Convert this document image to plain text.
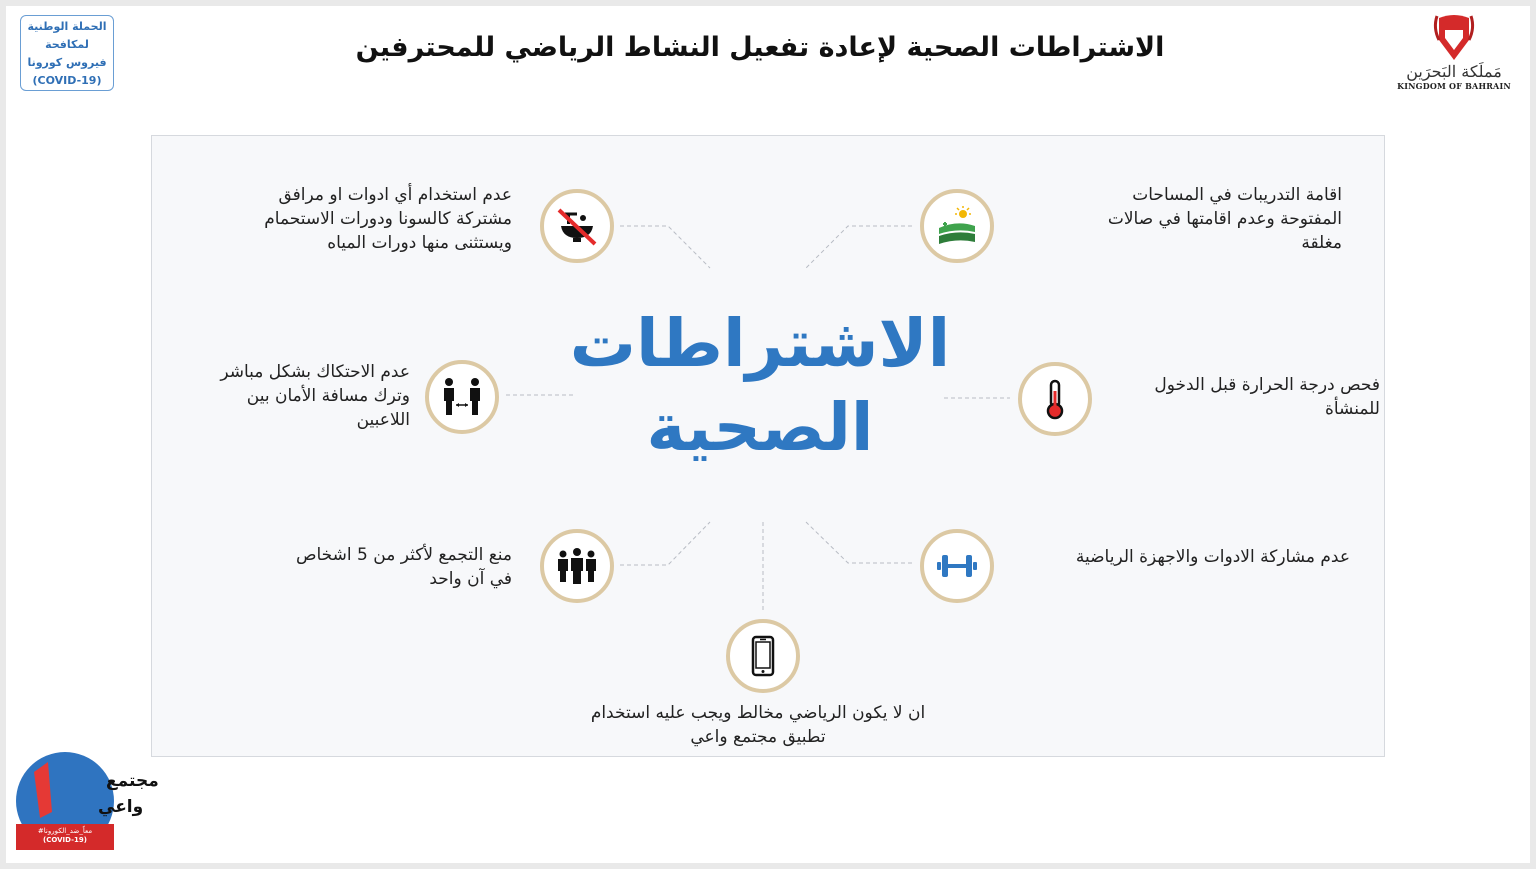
الحملة الوطنية
لمكافحة
فيروس كورونا
(COVID-19)
الاشتراطات الصحية لإعادة تفعيل النشاط الرياضي للمحترفين
مَملَكة البَحرَين
KINGDOM OF BAHRAIN
الاشتراطات
الصحية
عدم استخدام أي ادوات او مرافق
مشتركة كالسونا ودورات الاستحمام
ويستثنى منها دورات المياه
اقامة التدريبات في المساحات
المفتوحة وعدم اقامتها في صالات
مغلقة
عدم الاحتكاك بشكل مباشر
وترك مسافة الأمان بين
اللاعبين
فحص درجة الحرارة قبل الدخول
للمنشأة
منع التجمع لأكثر من 5 اشخاص
في آن واحد
عدم مشاركة الادوات والاجهزة الرياضية
ان لا يكون الرياضي مخالط ويجب عليه استخدام
تطبيق مجتمع واعي
مجتمع
واعي
#معاً_ضد_الكورونا
(COVID-19)
